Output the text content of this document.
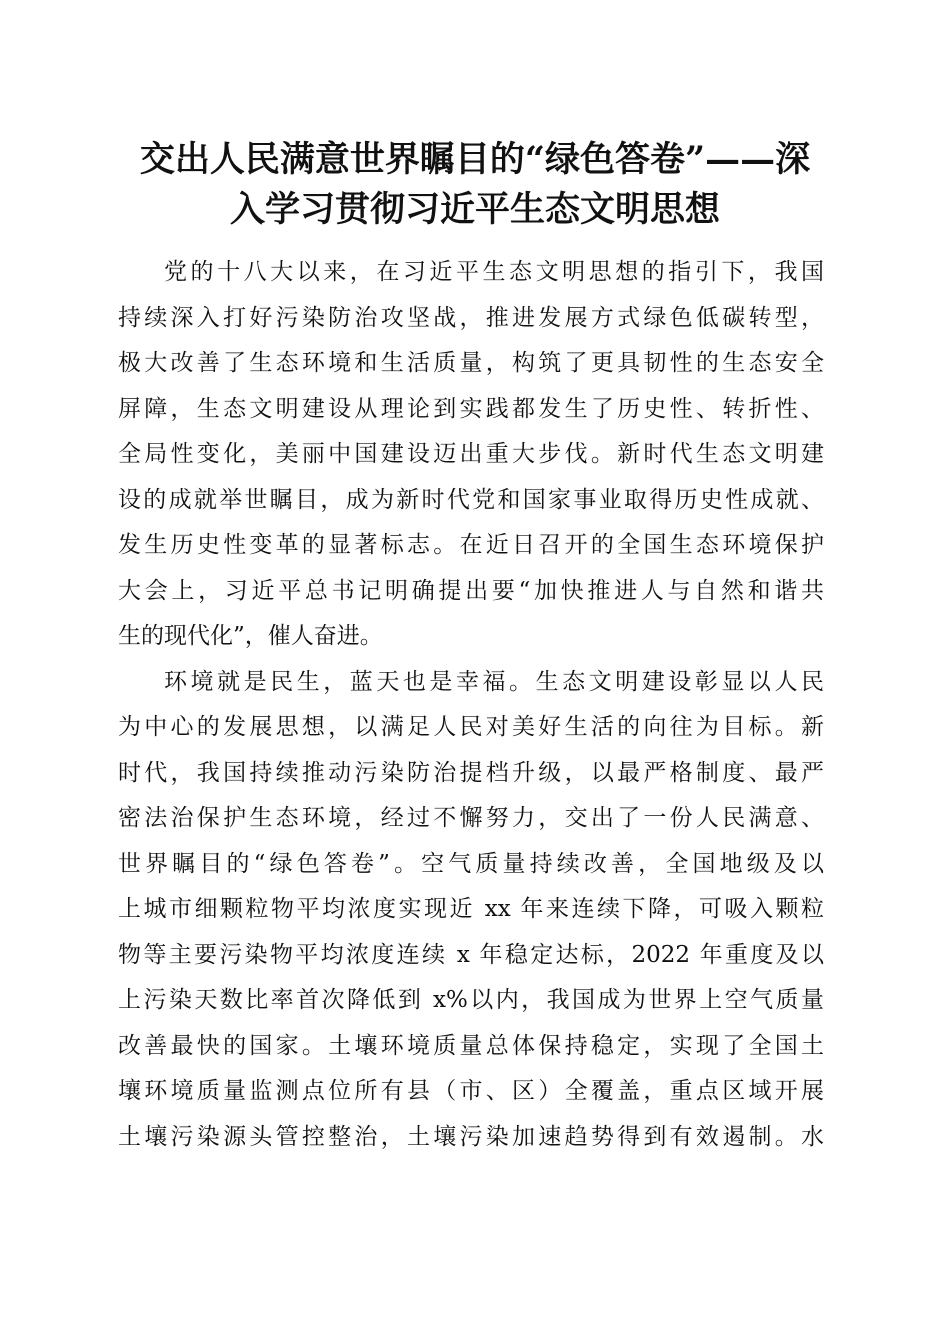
交出人民满意世界瞩目的“绿色答卷”——深
入学习贯彻习近平生态文明思想
党的十八大以来，在习近平生态文明思想的指引下，我国
持续深入打好污染防治攻坚战，推进发展方式绿色低碳转型，
极大改善了生态环境和生活质量，构筑了更具韧性的生态安全
屏障，生态文明建设从理论到实践都发生了历史性、转折性、
全局性变化，美丽中国建设迈出重大步伐。新时代生态文明建
设的成就举世瞩目，成为新时代党和国家事业取得历史性成就、
发生历史性变革的显著标志。在近日召开的全国生态环境保护
大会上，习近平总书记明确提出要“加快推进人与自然和谐共
生的现代化”，催人奋进。
环境就是民生，蓝天也是幸福。生态文明建设彰显以人民
为中心的发展思想，以满足人民对美好生活的向往为目标。新
时代，我国持续推动污染防治提档升级，以最严格制度、最严
密法治保护生态环境，经过不懈努力，交出了一份人民满意、
世界瞩目的“绿色答卷”。空气质量持续改善，全国地级及以
上城市细颗粒物平均浓度实现近 xx 年来连续下降，可吸入颗粒
物等主要污染物平均浓度连续 x 年稳定达标，2022 年重度及以
上污染天数比率首次降低到 x%以内，我国成为世界上空气质量
改善最快的国家。土壤环境质量总体保持稳定，实现了全国土
壤环境质量监测点位所有县（市、区）全覆盖，重点区域开展
土壤污染源头管控整治，土壤污染加速趋势得到有效遏制。水
